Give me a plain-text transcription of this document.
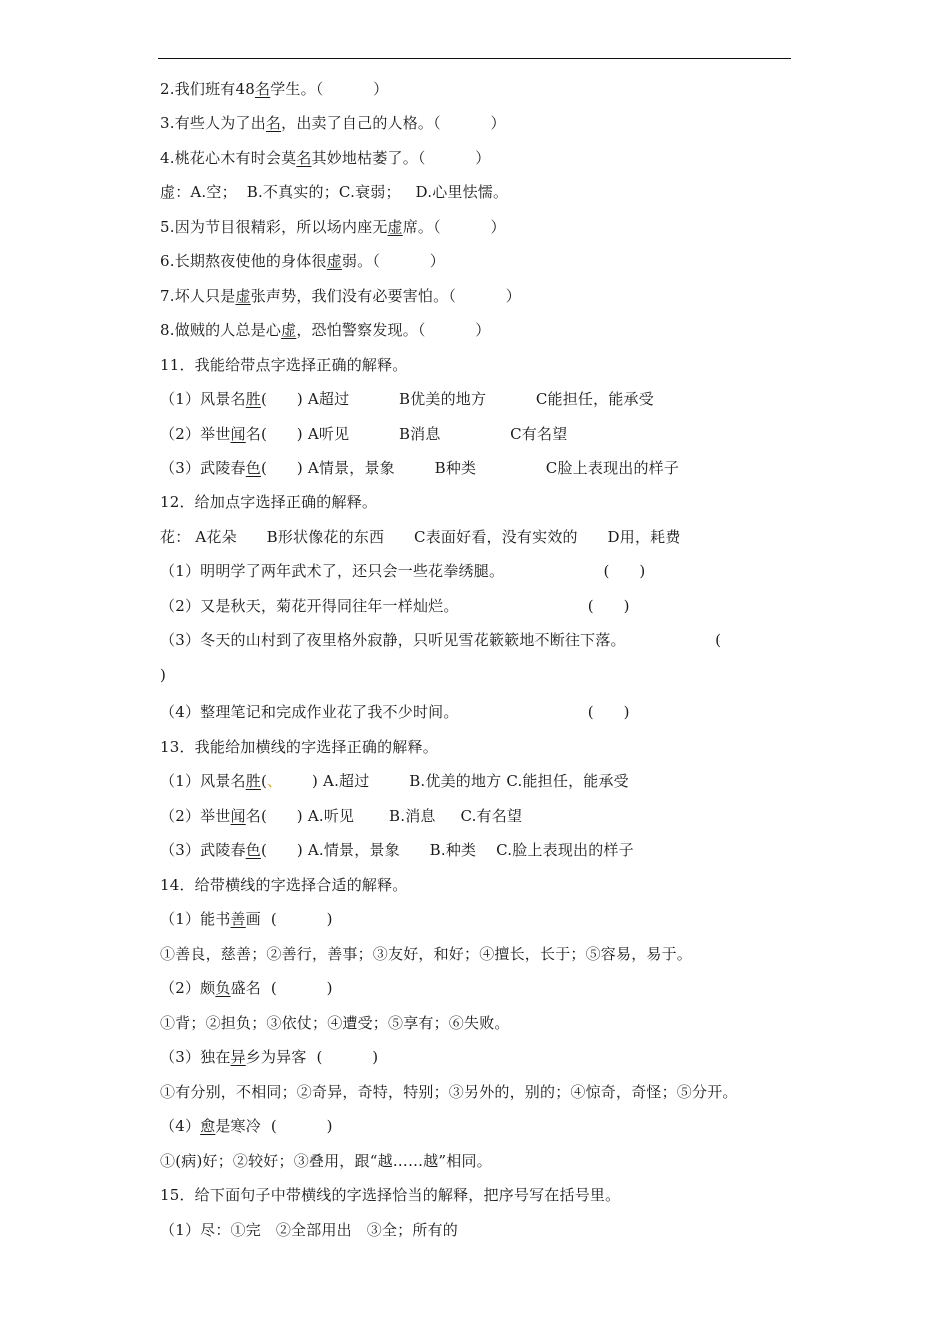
2.我们班有48名学生。（          ）
3.有些人为了出名，出卖了自己的人格。（          ）
4.桃花心木有时会莫名其妙地枯萎了。（          ）
虚：A.空；  B.不真实的；C.衰弱；   D.心里怯懦。
5.因为节目很精彩，所以场内座无虚席。（          ）
6.长期熬夜使他的身体很虚弱。（          ）
7.坏人只是虚张声势，我们没有必要害怕。（          ）
8.做贼的人总是心虚，恐怕警察发现。（          ）
11．我能给带点字选择正确的解释。
（1）风景名胜(      ) A超过          B优美的地方          C能担任，能承受
（2）举世闻名(      ) A听见          B消息              C有名望
（3）武陵春色(      ) A情景，景象        B种类              C脸上表现出的样子
12．给加点字选择正确的解释。
花： A花朵      B形状像花的东西      C表面好看，没有实效的      D用，耗费
（1）明明学了两年武术了，还只会一些花拳绣腿。                    (      )
（2）又是秋天，菊花开得同往年一样灿烂。                          (      )
（3）冬天的山村到了夜里格外寂静，只听见雪花簌簌地不断往下落。                  (
)
（4）整理笔记和完成作业花了我不少时间。                          (      )
13．我能给加横线的字选择正确的解释。
（1）风景名胜(、      ) A.超过        B.优美的地方 C.能担任，能承受
（2）举世闻名(      ) A.听见       B.消息     C.有名望
（3）武陵春色(      ) A.情景，景象      B.种类    C.脸上表现出的样子
14．给带横线的字选择合适的解释。
（1）能书善画  (          )
①善良，慈善；②善行，善事；③友好，和好；④擅长，长于；⑤容易，易于。
（2）颇负盛名  (          )
①背；②担负；③依仗；④遭受；⑤享有；⑥失败。
（3）独在异乡为异客  (          )
①有分别，不相同；②奇异，奇特，特别；③另外的，别的；④惊奇，奇怪；⑤分开。
（4）愈是寒冷  (          )
①(病)好；②较好；③叠用，跟“越……越”相同。
15．给下面句子中带横线的字选择恰当的解释，把序号写在括号里。
（1）尽：①完   ②全部用出   ③全；所有的
